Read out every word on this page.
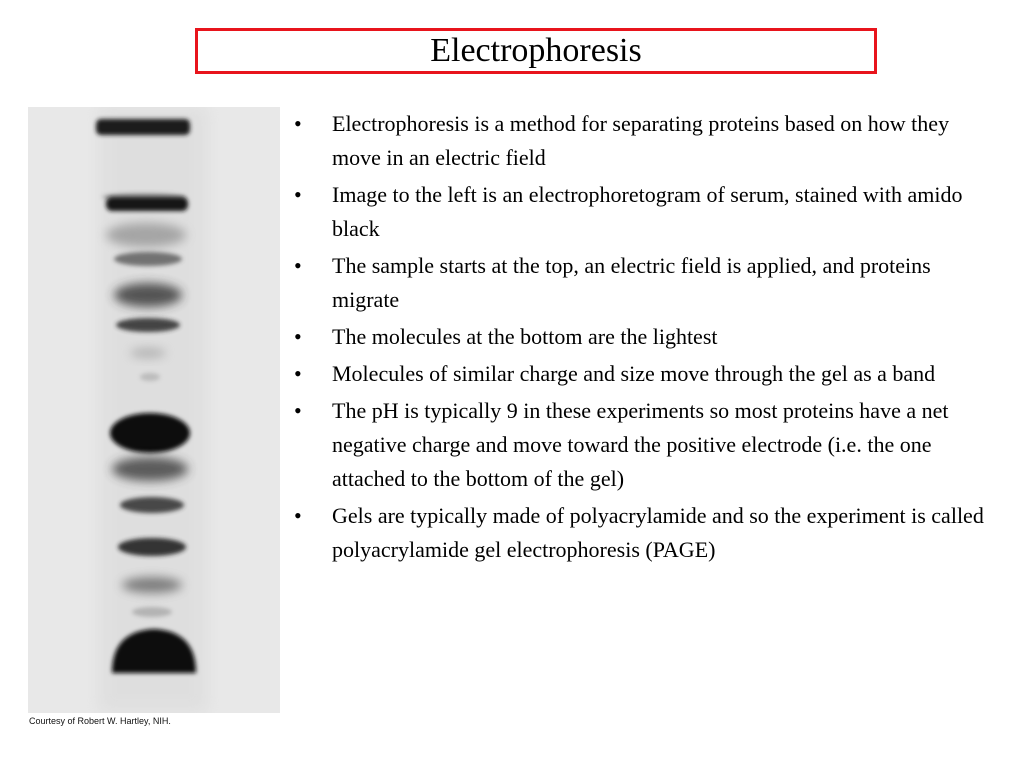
Electrophoresis
Courtesy of Robert W. Hartley, NIH.
•	Electrophoresis is a method for separating proteins based on how they move in an electric field
•	Image to the left is an electrophoretogram of serum, stained with amido black
•	The sample starts at the top, an electric field is applied, and proteins migrate
•	The molecules at the bottom are the lightest
•	Molecules of similar charge and size move through the gel as a band
•	The pH is typically 9 in these experiments so most proteins have a net negative charge and move toward the positive electrode (i.e. the one attached to the bottom of the gel)
•	Gels are typically made of polyacrylamide and so the experiment is called polyacrylamide gel electrophoresis (PAGE)
